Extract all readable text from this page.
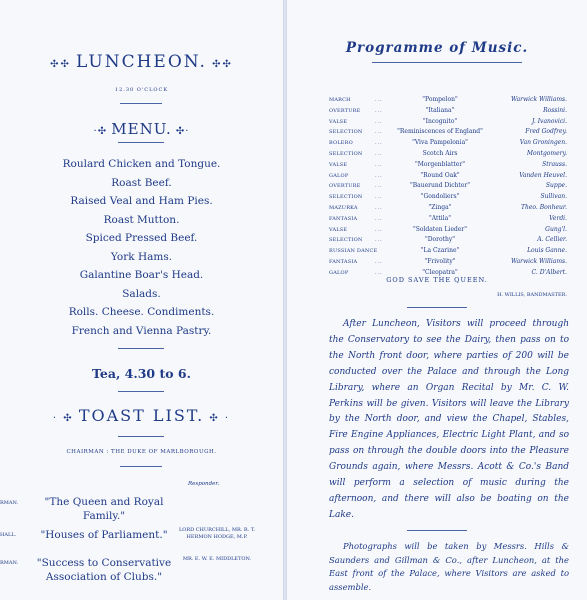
✣✣ LUNCHEON. ✣✣
12.30 O'CLOCK
·✣ MENU. ✣·
Roulard Chicken and Tongue.
Roast Beef.
Raised Veal and Ham Pies.
Roast Mutton.
Spiced Pressed Beef.
York Hams.
Galantine Boar's Head.
Salads.
Rolls. Cheese. Condiments.
French and Vienna Pastry.
Tea, 4.30 to 6.
· ✣ TOAST LIST. ✣ ·
CHAIRMAN : THE DUKE OF MARLBOROUGH.
Responder.
RMAN.	"The Queen and Royal Family."
HALL.	"Houses of Parliament."	LORD CHURCHILL, MR. R. T. HERMON HODGE, M.P.
RMAN. "Success to Conservative Association of Clubs."
MR. E. W. E. MIDDLETON.
Programme of Music.
MARCH	...	"Pompelon"	Warwick Williams.
OVERTURE	...	"Italiana"	Rossini.
VALSE	...	"Incognito"	J. Ivanovici.
SELECTION	...	"Reminiscences of England"	Fred Godfrey.
BOLERO	...	"Viva Pampelonia"	Van Groningen.
SELECTION	...	Scotch Airs	Montgomery.
VALSE	...	"Morgenblatter"	Strauss.
GALOP	...	"Round Oak"	Vanden Heuvel.
OVERTURE	...	"Bauerund Dichter"	Suppe.
SELECTION	...	"Gondoliers"	Sullivan.
MAZURKA	...	"Zinga"	Theo. Bonheur.
FANTASIA	...	"Attila"	Verdi.
VALSE	...	"Soldaten Lieder"	Gung'l.
SELECTION	...	"Dorothy"	A. Cellier.
RUSSIAN DANCE	"La Czarine"	Louis Ganne.
FANTASIA	...	"Frivolity"	Warwick Williams.
GALOP	...	"Cleopatra"	C. D'Albert.
GOD SAVE THE QUEEN.
H. WILLIS, BANDMASTER.
After Luncheon, Visitors will proceed through the Conservatory to see the Dairy, then pass on to the North front door, where parties of 200 will be conducted over the Palace and through the Long Library, where an Organ Recital by Mr. C. W. Perkins will be given. Visitors will leave the Library by the North door, and view the Chapel, Stables, Fire Engine Appliances, Electric Light Plant, and so pass on through the double doors into the Pleasure Grounds again, where Messrs. Acott & Co.'s Band will perform a selection of music during the afternoon, and there will also be boating on the Lake.
Photographs will be taken by Messrs. Hills & Saunders and Gillman & Co., after Luncheon, at the East front of the Palace, where Visitors are asked to assemble.
